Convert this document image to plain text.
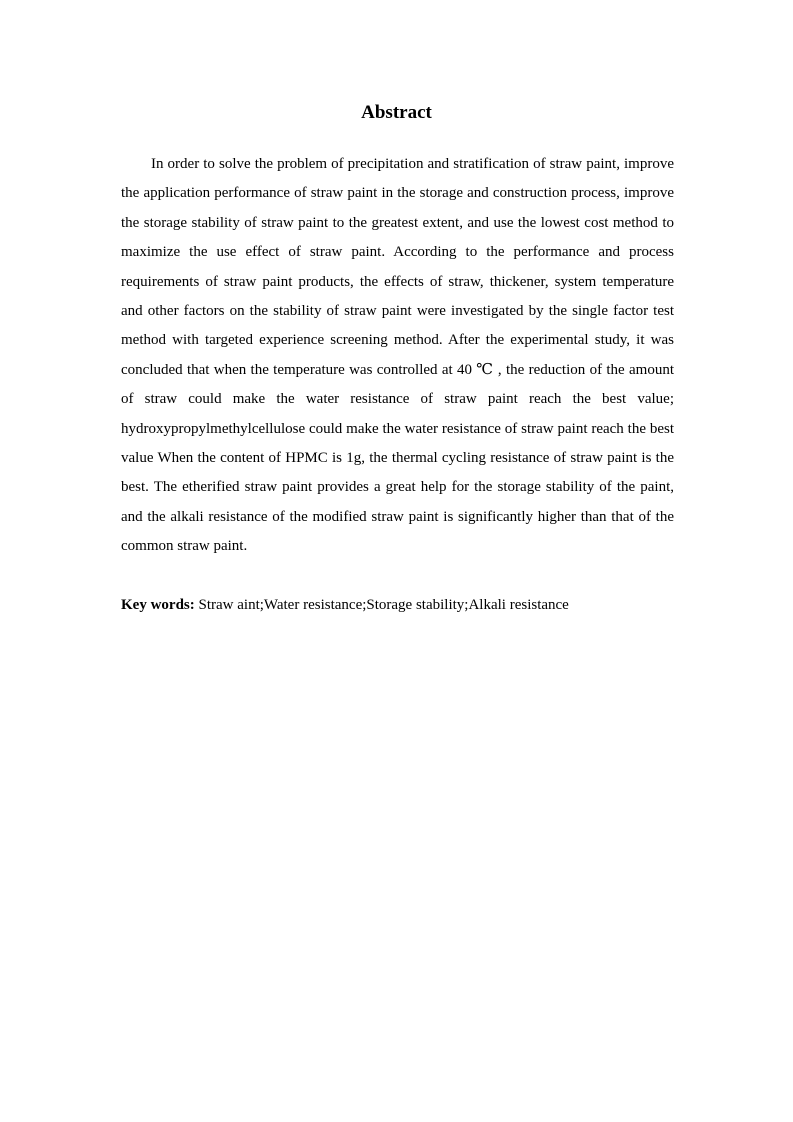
Abstract

In order to solve the problem of precipitation and stratification of straw paint, improve the application performance of straw paint in the storage and construction process, improve the storage stability of straw paint to the greatest extent, and use the lowest cost method to maximize the use effect of straw paint. According to the performance and process requirements of straw paint products, the effects of straw, thickener, system temperature and other factors on the stability of straw paint were investigated by the single factor test method with targeted experience screening method. After the experimental study, it was concluded that when the temperature was controlled at 40 ℃ , the reduction of the amount of straw could make the water resistance of straw paint reach the best value; hydroxypropylmethylcellulose could make the water resistance of straw paint reach the best value When the content of HPMC is 1g, the thermal cycling resistance of straw paint is the best. The etherified straw paint provides a great help for the storage stability of the paint, and the alkali resistance of the modified straw paint is significantly higher than that of the common straw paint.

Key words: Straw aint;Water resistance;Storage stability;Alkali resistance
